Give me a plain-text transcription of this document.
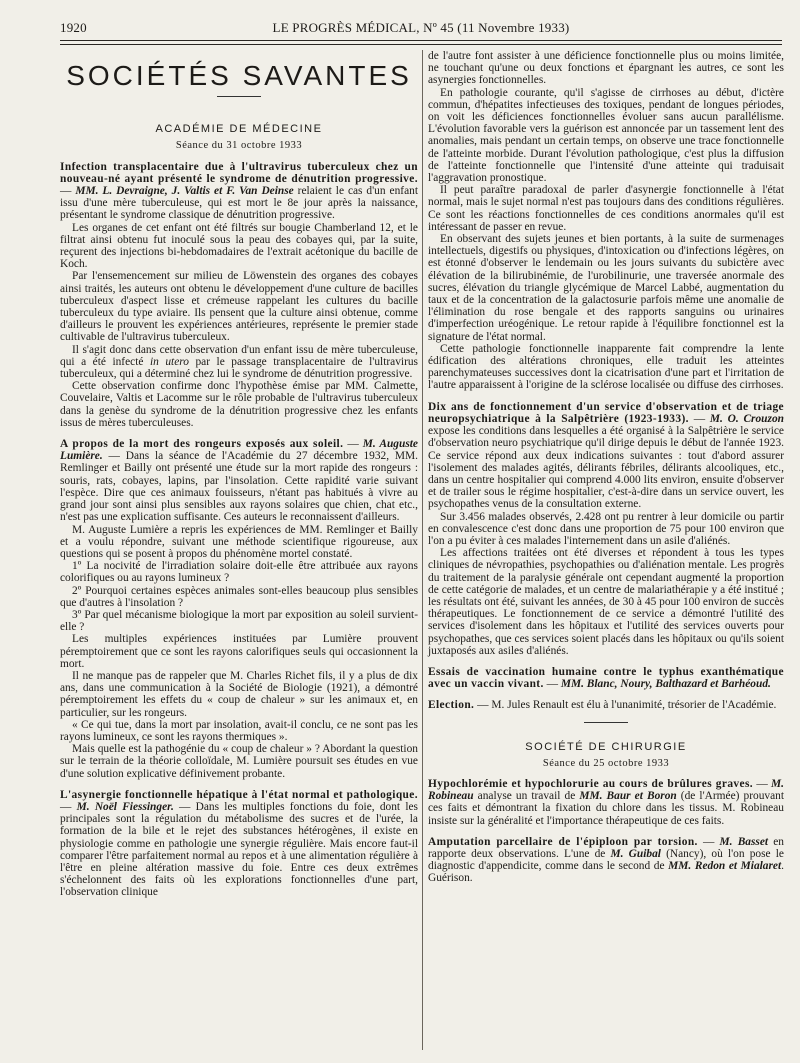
1920	LE PROGRÈS MÉDICAL, Nº 45 (11 Novembre 1933)
SOCIÉTÉS SAVANTES
ACADÉMIE DE MÉDECINE
Séance du 31 octobre 1933

Infection transplacentaire due à l'ultravirus tuberculeux chez un nouveau-né ayant présenté le syndrome de dénutrition progressive. — MM. L. Devraigne, J. Valtis et F. Van Deinse relaient le cas d'un enfant issu d'une mère tuberculeuse, qui est mort le 8e jour après la naissance, présentant le syndrome classique de dénutrition progressive.

Les organes de cet enfant ont été filtrés sur bougie Chamberland 12, et le filtrat ainsi obtenu fut inoculé sous la peau des cobayes qui, par la suite, reçurent des injections bi-hebdomadaires de l'extrait acétonique du bacille de Koch.

Par l'ensemencement sur milieu de Löwenstein des organes des cobayes ainsi traités, les auteurs ont obtenu le développement d'une culture de bacilles tuberculeux d'aspect lisse et crémeuse rappelant les cultures du bacille tuberculeux du type aviaire. Ils pensent que la culture ainsi obtenue, comme d'ailleurs le prouvent les expériences antérieures, représente le premier stade cultivable de l'ultravirus tuberculeux.

Il s'agit donc dans cette observation d'un enfant issu de mère tuberculeuse, qui a été infecté in utero par le passage transplacentaire de l'ultravirus tuberculeux, qui a déterminé chez lui le syndrome de dénutrition progressive.

Cette observation confirme donc l'hypothèse émise par MM. Calmette, Couvelaire, Valtis et Lacomme sur le rôle probable de l'ultravirus tuberculeux dans la genèse du syndrome de la dénutrition progressive chez les enfants issus de mères tuberculeuses.

A propos de la mort des rongeurs exposés aux soleil. — M. Auguste Lumière. — Dans la séance de l'Académie du 27 décembre 1932, MM. Remlinger et Bailly ont présenté une étude sur la mort rapide des rongeurs : souris, rats, cobayes, lapins, par l'insolation. Cette rapidité varie suivant l'espèce. Dire que ces animaux fouisseurs, n'étant pas habitués à vivre au grand jour sont ainsi plus sensibles aux rayons solaires que chien, chat etc., n'est pas une explication suffisante. Ces auteurs le reconnaissent d'ailleurs.

M. Auguste Lumière a repris les expériences de MM. Remlinger et Bailly et a voulu répondre, suivant une méthode scientifique rigoureuse, aux questions qui se posent à propos du phénomène mortel constaté.

1º La nocivité de l'irradiation solaire doit-elle être attribuée aux rayons colorifiques ou au rayons lumineux ?

2º Pourquoi certaines espèces animales sont-elles beaucoup plus sensibles que d'autres à l'insolation ?

3º Par quel mécanisme biologique la mort par exposition au soleil survient-elle ?

Les multiples expériences instituées par Lumière prouvent péremptoirement que ce sont les rayons calorifiques seuls qui occasionnent la mort.

Il ne manque pas de rappeler que M. Charles Richet fils, il y a plus de dix ans, dans une communication à la Société de Biologie (1921), a démontré péremptoirement les effets du « coup de chaleur » sur les animaux et, en particulier, sur les rongeurs.

« Ce qui tue, dans la mort par insolation, avait-il conclu, ce ne sont pas les rayons lumineux, ce sont les rayons thermiques ».

Mais quelle est la pathogénie du « coup de chaleur » ? Abordant la question sur le terrain de la théorie colloïdale, M. Lumière poursuit ses études en vue d'une solution explicative définivement probante.

L'asynergie fonctionnelle hépatique à l'état normal et pathologique. — M. Noël Fiessinger. — Dans les multiples fonctions du foie, dont les principales sont la régulation du métabolisme des sucres et de l'urée, la formation de la bile et le rejet des substances hétérogènes, il existe en physiologie comme en pathologie une synergie régulière. Mais encore faut-il comparer l'être parfaitement normal au repos et à une alimentation régulière à l'être en pleine altération massive du foie. Entre ces deux extrêmes s'échelonnent des faits où les explorations fonctionnelles d'une part, l'observation clinique

de l'autre font assister à une déficience fonctionnelle plus ou moins limitée, ne touchant qu'une ou deux fonctions et épargnant les autres, ce sont les asynergies fonctionnelles.

En pathologie courante, qu'il s'agisse de cirrhoses au début, d'ictère commun, d'hépatites infectieuses des toxiques, pendant de longues périodes, on voit les déficiences fonctionnelles évoluer sans aucun parallélisme. L'évolution favorable vers la guérison est annoncée par un tassement lent des anomalies, mais pendant un certain temps, on observe une trace fonctionnelle de l'atteinte morbide. Durant l'évolution pathologique, c'est plus la diffusion de l'atteinte fonctionnelle que l'intensité d'une atteinte qui traduisait l'aggravation pronostique.

Il peut paraître paradoxal de parler d'asynergie fonctionnelle à l'état normal, mais le sujet normal n'est pas toujours dans des conditions régulières. Ce sont les réactions fonctionnelles de ces conditions anormales qu'il est intéressant de passer en revue.

En observant des sujets jeunes et bien portants, à la suite de surmenages intellectuels, digestifs ou physiques, d'intoxication ou d'infections légères, on est étonné d'observer le lendemain ou les jours suivants du subictère avec élévation de la bilirubinémie, de l'urobilinurie, une traversée anormale des sucres, élévation du triangle glycémique de Marcel Labbé, augmentation du taux et de la concentration de la galactosurie parfois même une anomalie de l'élimination du rose bengale et des rapports sanguins ou urinaires d'imperfection uréogénique. Le retour rapide à l'équilibre fonctionnel est la signature de l'état normal.

Cette pathologie fonctionnelle inapparente fait comprendre la lente édification des altérations chroniques, elle traduit les atteintes parenchymateuses successives dont la cicatrisation d'une part et l'irritation de l'autre apparaissent à l'origine de la sclérose localisée ou diffuse des cirrhoses.

Dix ans de fonctionnement d'un service d'observation et de triage neuropsychiatrique à la Salpêtrière (1923-1933). — M. O. Crouzon expose les conditions dans lesquelles a été organisé à la Salpêtrière le service d'observation neuro psychiatrique qu'il dirige depuis le début de l'année 1923. Ce service répond aux deux indications suivantes : tout d'abord assurer l'isolement des malades agités, délirants fébriles, délirants alcooliques, etc., dans un centre hospitalier qui comprend 4.000 lits environ, ensuite d'observer et de trailer sous le régime hospitalier, c'est-à-dire dans un service ouvert, les psychopathes venus de la consultation externe.

Sur 3.456 malades observés, 2.428 ont pu rentrer à leur domicile ou partir en convalescence c'est donc dans une proportion de 75 pour 100 environ que l'on a pu éviter à ces malades l'internement dans un asile d'aliénés.

Les affections traitées ont été diverses et répondent à tous les types cliniques de névropathies, psychopathies ou d'aliénation mentale. Les progrès du traitement de la paralysie générale ont cependant augmenté la proportion de cette catégorie de malades, et un centre de malariathérapie y a été institué ; les résultats ont été, suivant les années, de 30 à 45 pour 100 environ de succès thérapeutiques. Le fonctionnement de ce service a démontré l'utilité des services d'isolement dans les hôpitaux et l'utilité des services ouverts pour psychopathes, que ces services soient placés dans les hôpitaux ou qu'ils soient juxtaposés aux asiles d'aliénés.

Essais de vaccination humaine contre le typhus exanthématique avec un vaccin vivant. — MM. Blanc, Noury, Balthazard et Barhéoud.

Election. — M. Jules Renault est élu à l'unanimité, trésorier de l'Académie.

SOCIÉTÉ DE CHIRURGIE
Séance du 25 octobre 1933

Hypochlorémie et hypochlorurie au cours de brûlures graves. — M. Robineau analyse un travail de MM. Baur et Boron (de l'Armée) prouvant ces faits et démontrant la fixation du chlore dans les tissus. M. Robineau insiste sur la généralité et l'importance thérapeutique de ces faits.

Amputation parcellaire de l'épiploon par torsion. — M. Basset en rapporte deux observations. L'une de M. Guibal (Nancy), où l'on pose le diagnostic d'appendicite, comme dans le second de MM. Redon et Mialaret. Guérison.
